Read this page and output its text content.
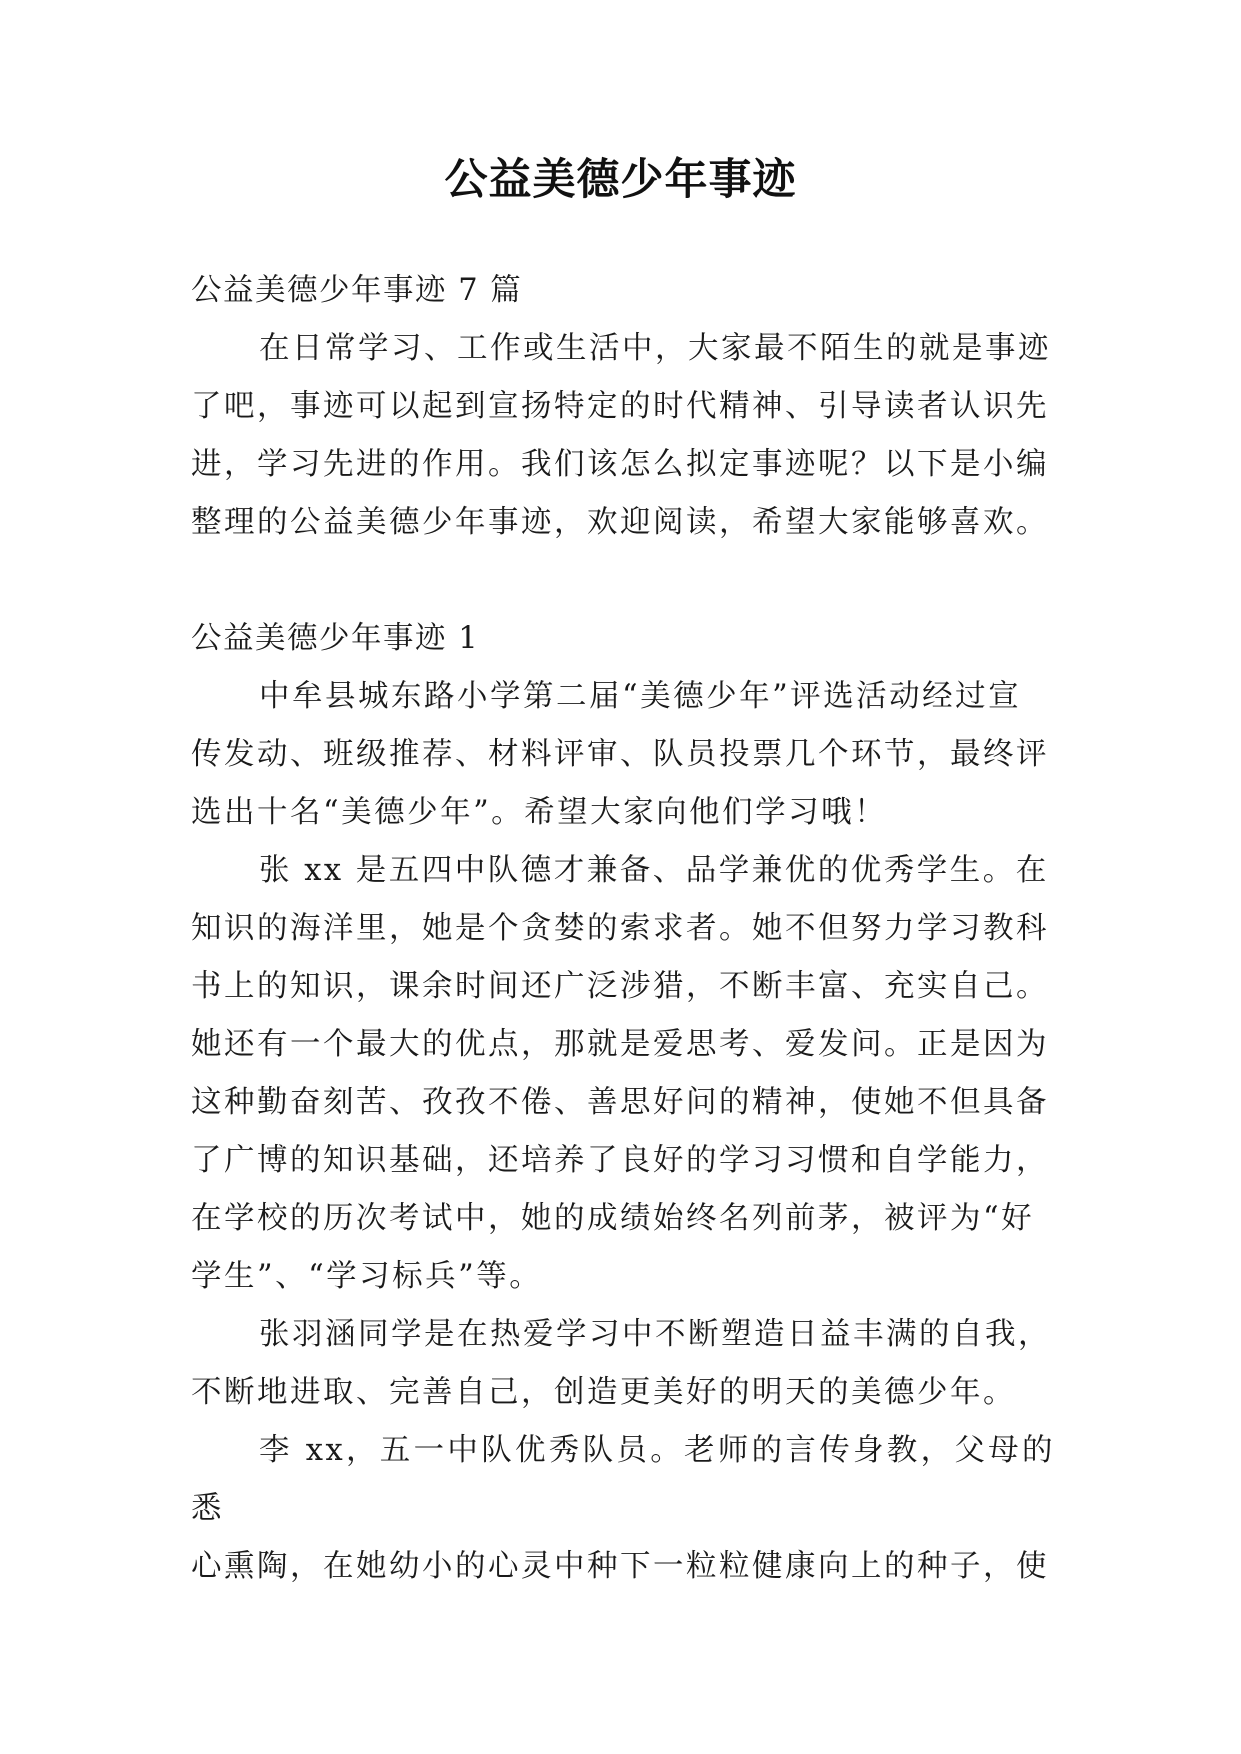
公益美德少年事迹

公益美德少年事迹 7 篇

在日常学习、工作或生活中，大家最不陌生的就是事迹
了吧，事迹可以起到宣扬特定的时代精神、引导读者认识先
进，学习先进的作用。我们该怎么拟定事迹呢？以下是小编
整理的公益美德少年事迹，欢迎阅读，希望大家能够喜欢。

公益美德少年事迹 1

中牟县城东路小学第二届“美德少年”评选活动经过宣
传发动、班级推荐、材料评审、队员投票几个环节，最终评
选出十名“美德少年”。希望大家向他们学习哦！

张 xx 是五四中队德才兼备、品学兼优的优秀学生。在
知识的海洋里，她是个贪婪的索求者。她不但努力学习教科
书上的知识，课余时间还广泛涉猎，不断丰富、充实自己。
她还有一个最大的优点，那就是爱思考、爱发问。正是因为
这种勤奋刻苦、孜孜不倦、善思好问的精神，使她不但具备
了广博的知识基础，还培养了良好的学习习惯和自学能力，
在学校的历次考试中，她的成绩始终名列前茅，被评为“好
学生”、“学习标兵”等。

张羽涵同学是在热爱学习中不断塑造日益丰满的自我，
不断地进取、完善自己，创造更美好的明天的美德少年。

李 xx，五一中队优秀队员。老师的言传身教，父母的悉
心熏陶，在她幼小的心灵中种下一粒粒健康向上的种子，使
